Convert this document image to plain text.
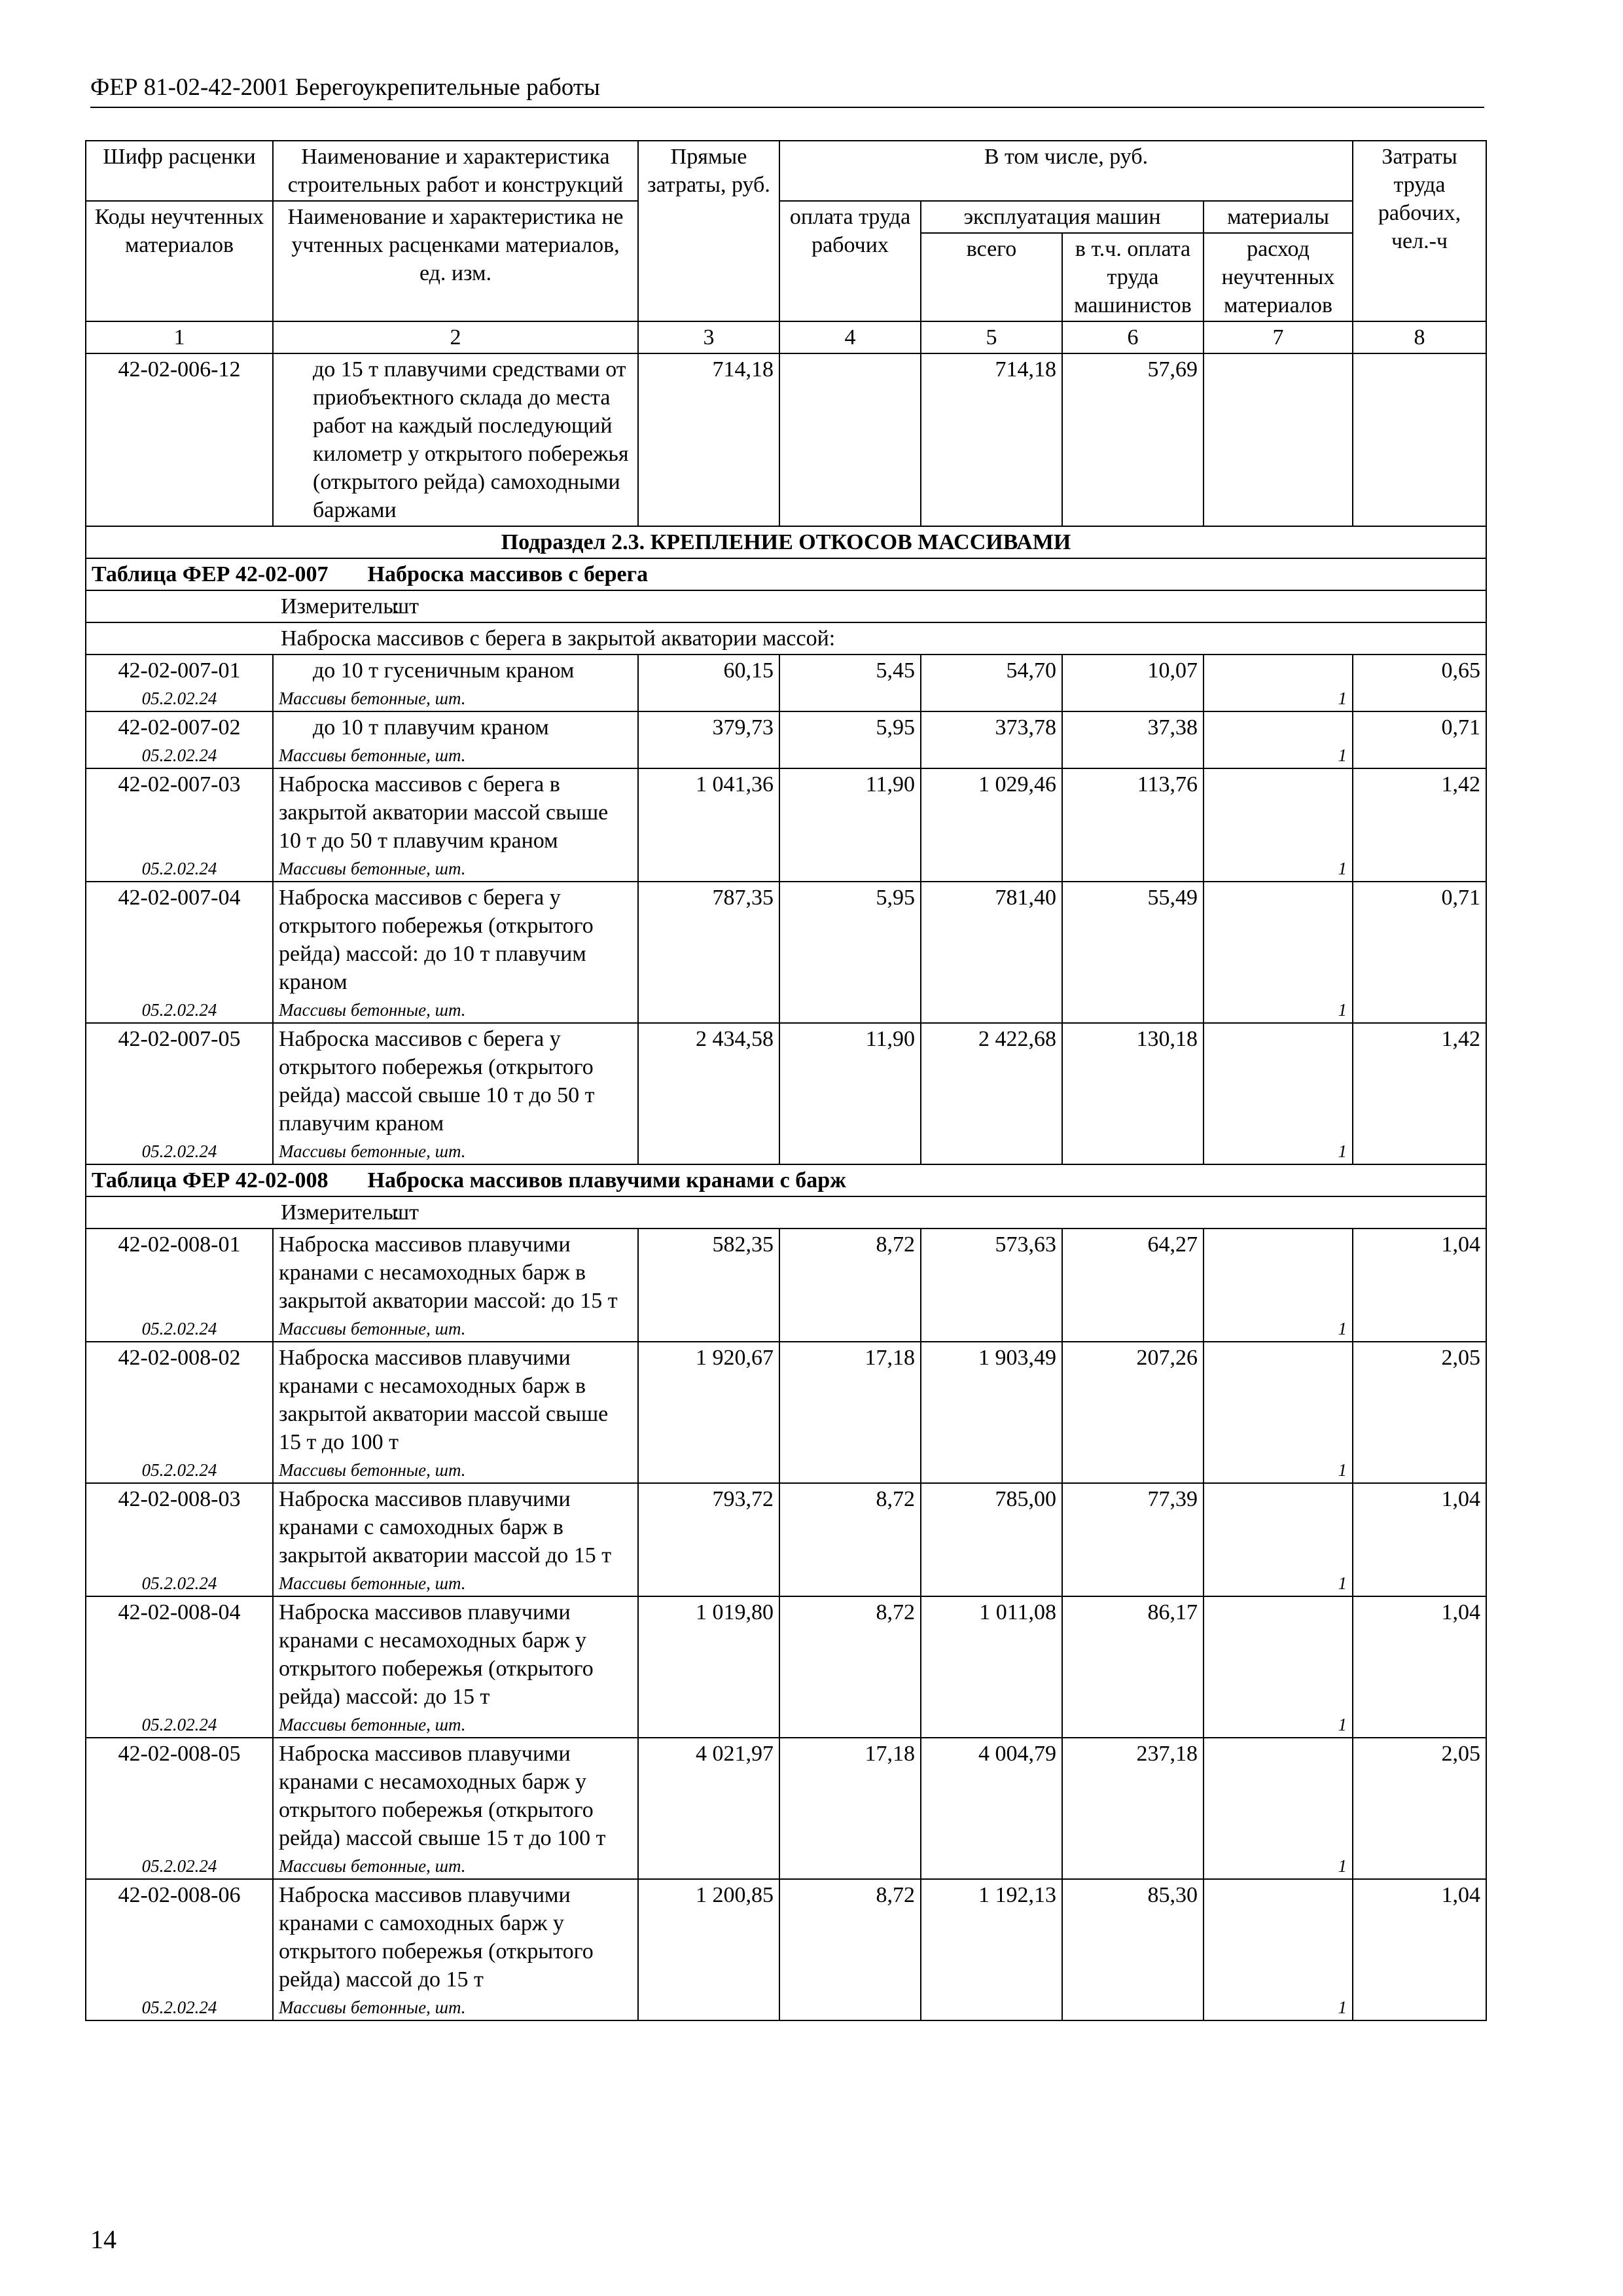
ФЕР 81-02-42-2001 Берегоукрепительные работы
Шифр расценки	Наименование и характеристика строительных работ и конструкций	Прямые затраты, руб.	В том числе, руб.				Затраты труда рабочих, чел.-ч
Коды неучтенных материалов	Наименование и характеристика не учтенных расценками материалов, ед. изм.		оплата труда рабочих	эксплуатация машин		материалы	
				всего	в т.ч. оплата труда машинистов	расход неучтенных материалов	
1	2	3	4	5	6	7	8
42-02-006-12	до 15 т плавучими средствами от приобъектного склада до места работ на каждый последующий километр у открытого побережья (открытого рейда) самоходными баржами	714,18		714,18	57,69		
Подраздел 2.3. КРЕПЛЕНИЕ ОТКОСОВ МАССИВАМИ							
Таблица ФЕР 42-02-007 Наброска массивов с берега							
	Измеритель:шт						
	Наброска массивов с берега в закрытой акватории массой:						
42-02-007-01	до 10 т гусеничным краном	60,15	5,45	54,70	10,07	1	0,65
05.2.02.24	Массивы бетонные, шт.						
42-02-007-02	до 10 т плавучим краном	379,73	5,95	373,78	37,38	1	0,71
05.2.02.24	Массивы бетонные, шт.						
42-02-007-03	Наброска массивов с берега в закрытой акватории массой свыше 10 т до 50 т плавучим краном	1 041,36	11,90	1 029,46	113,76	1	1,42
05.2.02.24	Массивы бетонные, шт.						
42-02-007-04	Наброска массивов с берега у открытого побережья (открытого рейда) массой: до 10 т плавучим краном	787,35	5,95	781,40	55,49	1	0,71
05.2.02.24	Массивы бетонные, шт.						
42-02-007-05	Наброска массивов с берега у открытого побережья (открытого рейда) массой свыше 10 т до 50 т плавучим краном	2 434,58	11,90	2 422,68	130,18	1	1,42
05.2.02.24	Массивы бетонные, шт.						
Таблица ФЕР 42-02-008 Наброска массивов плавучими кранами с барж							
	Измеритель:шт						
42-02-008-01	Наброска массивов плавучими кранами с несамоходных барж в закрытой акватории массой: до 15 т	582,35	8,72	573,63	64,27	1	1,04
05.2.02.24	Массивы бетонные, шт.						
42-02-008-02	Наброска массивов плавучими кранами с несамоходных барж в закрытой акватории массой свыше 15 т до 100 т	1 920,67	17,18	1 903,49	207,26	1	2,05
05.2.02.24	Массивы бетонные, шт.						
42-02-008-03	Наброска массивов плавучими кранами с самоходных барж в закрытой акватории массой до 15 т	793,72	8,72	785,00	77,39	1	1,04
05.2.02.24	Массивы бетонные, шт.						
42-02-008-04	Наброска массивов плавучими кранами с несамоходных барж у открытого побережья (открытого рейда) массой: до 15 т	1 019,80	8,72	1 011,08	86,17	1	1,04
05.2.02.24	Массивы бетонные, шт.						
42-02-008-05	Наброска массивов плавучими кранами с несамоходных барж у открытого побережья (открытого рейда) массой свыше 15 т до 100 т	4 021,97	17,18	4 004,79	237,18	1	2,05
05.2.02.24	Массивы бетонные, шт.						
42-02-008-06	Наброска массивов плавучими кранами с самоходных барж у открытого побережья (открытого рейда) массой до 15 т	1 200,85	8,72	1 192,13	85,30	1	1,04
05.2.02.24	Массивы бетонные, шт.						
14
